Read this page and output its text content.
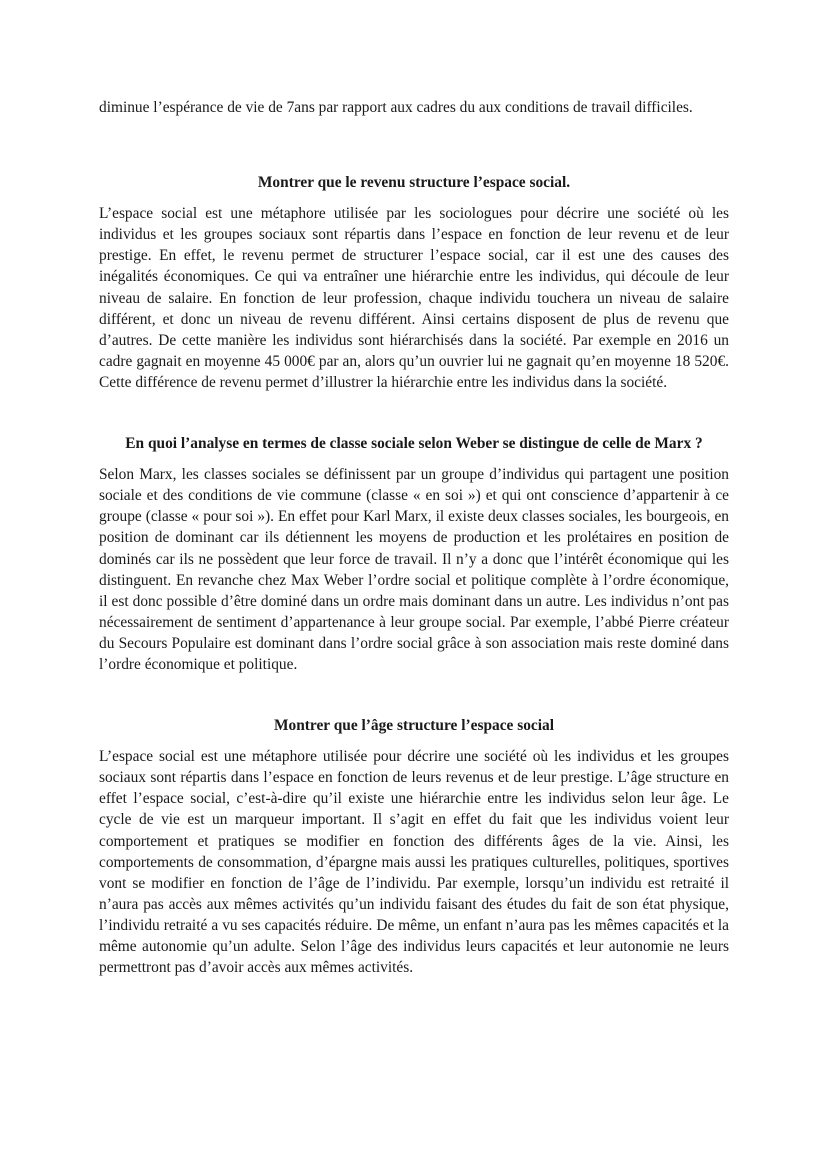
diminue l’espérance de vie de 7ans par rapport aux cadres du aux conditions de travail difficiles.

Montrer que le revenu structure l’espace social.

L’espace social est une métaphore utilisée par les sociologues pour décrire une société où les individus et les groupes sociaux sont répartis dans l’espace en fonction de leur revenu et de leur prestige. En effet, le revenu permet de structurer l’espace social, car il est une des causes des inégalités économiques. Ce qui va entraîner une hiérarchie entre les individus, qui découle de leur niveau de salaire. En fonction de leur profession, chaque individu touchera un niveau de salaire différent, et donc un niveau de revenu différent. Ainsi certains disposent de plus de revenu que d’autres. De cette manière les individus sont hiérarchisés dans la société. Par exemple en 2016 un cadre gagnait en moyenne 45 000€ par an, alors qu’un ouvrier lui ne gagnait qu’en moyenne 18 520€. Cette différence de revenu permet d’illustrer la hiérarchie entre les individus dans la société.

En quoi l’analyse en termes de classe sociale selon Weber se distingue de celle de Marx ?

Selon Marx, les classes sociales se définissent par un groupe d’individus qui partagent une position sociale et des conditions de vie commune (classe « en soi ») et qui ont conscience d’appartenir à ce groupe (classe « pour soi »). En effet pour Karl Marx, il existe deux classes sociales, les bourgeois, en position de dominant car ils détiennent les moyens de production et les prolétaires en position de dominés car ils ne possèdent que leur force de travail. Il n’y a donc que l’intérêt économique qui les distinguent. En revanche chez Max Weber l’ordre social et politique complète à l’ordre économique, il est donc possible d’être dominé dans un ordre mais dominant dans un autre. Les individus n’ont pas nécessairement de sentiment d’appartenance à leur groupe social. Par exemple, l’abbé Pierre créateur du Secours Populaire est dominant dans l’ordre social grâce à son association mais reste dominé dans l’ordre économique et politique.

Montrer que l’âge structure l’espace social

L’espace social est une métaphore utilisée pour décrire une société où les individus et les groupes sociaux sont répartis dans l’espace en fonction de leurs revenus et de leur prestige. L’âge structure en effet l’espace social, c’est-à-dire qu’il existe une hiérarchie entre les individus selon leur âge. Le cycle de vie est un marqueur important. Il s’agit en effet du fait que les individus voient leur comportement et pratiques se modifier en fonction des différents âges de la vie. Ainsi, les comportements de consommation, d’épargne mais aussi les pratiques culturelles, politiques, sportives vont se modifier en fonction de l’âge de l’individu. Par exemple, lorsqu’un individu est retraité il n’aura pas accès aux mêmes activités qu’un individu faisant des études du fait de son état physique, l’individu retraité a vu ses capacités réduire. De même, un enfant n’aura pas les mêmes capacités et la même autonomie qu’un adulte. Selon l’âge des individus leurs capacités et leur autonomie ne leurs permettront pas d’avoir accès aux mêmes activités.
